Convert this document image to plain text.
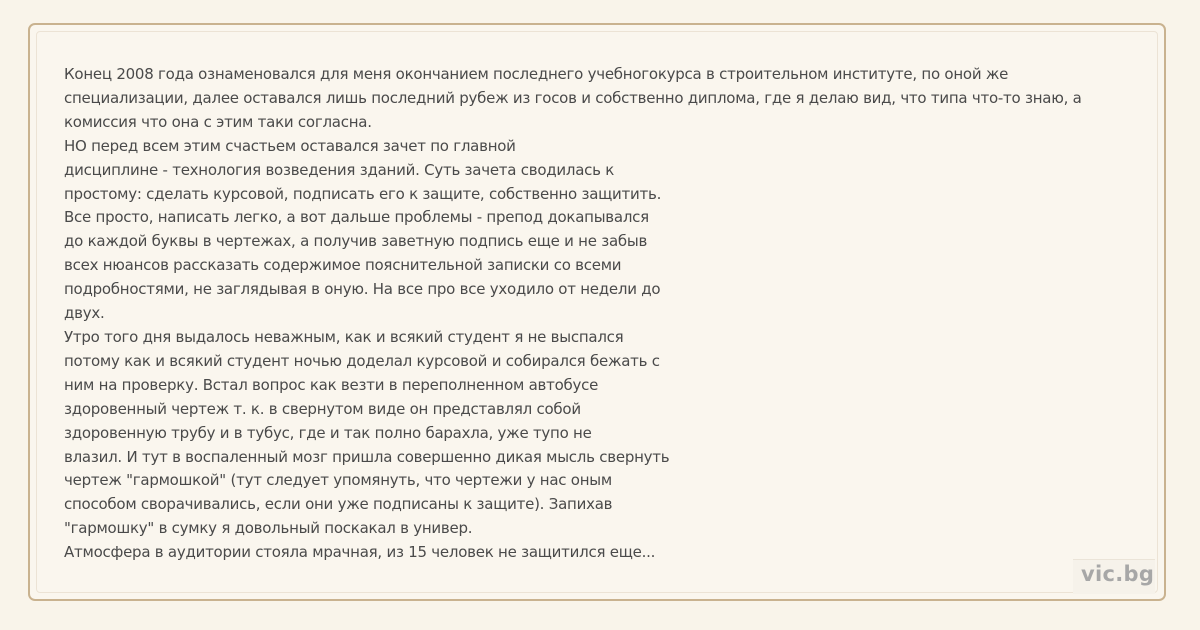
Конец 2008 года ознаменовался для меня окончанием последнего учебногокурса в строительном институте, по оной же
специализации, далее оставался лишь последний рубеж из госов и собственно диплома, где я делаю вид, что типа что-то знаю, а
комиссия что она с этим таки согласна.
НО перед всем этим счастьем оставался зачет по главной
дисциплине - технология возведения зданий. Суть зачета сводилась к
простому: сделать курсовой, подписать его к защите, собственно защитить.
Все просто, написать легко, а вот дальше проблемы - препод докапывался
до каждой буквы в чертежах, а получив заветную подпись еще и не забыв
всех нюансов рассказать содержимое пояснительной записки со всеми
подробностями, не заглядывая в оную. На все про все уходило от недели до
двух.
Утро того дня выдалось неважным, как и всякий студент я не выспался
потому как и всякий студент ночью доделал курсовой и собирался бежать с
ним на проверку. Встал вопрос как везти в переполненном автобусе
здоровенный чертеж т. к. в свернутом виде он представлял собой
здоровенную трубу и в тубус, где и так полно барахла, уже тупо не
влазил. И тут в воспаленный мозг пришла совершенно дикая мысль свернуть
чертеж "гармошкой" (тут следует упомянуть, что чертежи у нас оным
способом сворачивались, если они уже подписаны к защите). Запихав
"гармошку" в сумку я довольный поскакал в универ.
Атмосфера в аудитории стояла мрачная, из 15 человек не защитился еще...
vic.bg
